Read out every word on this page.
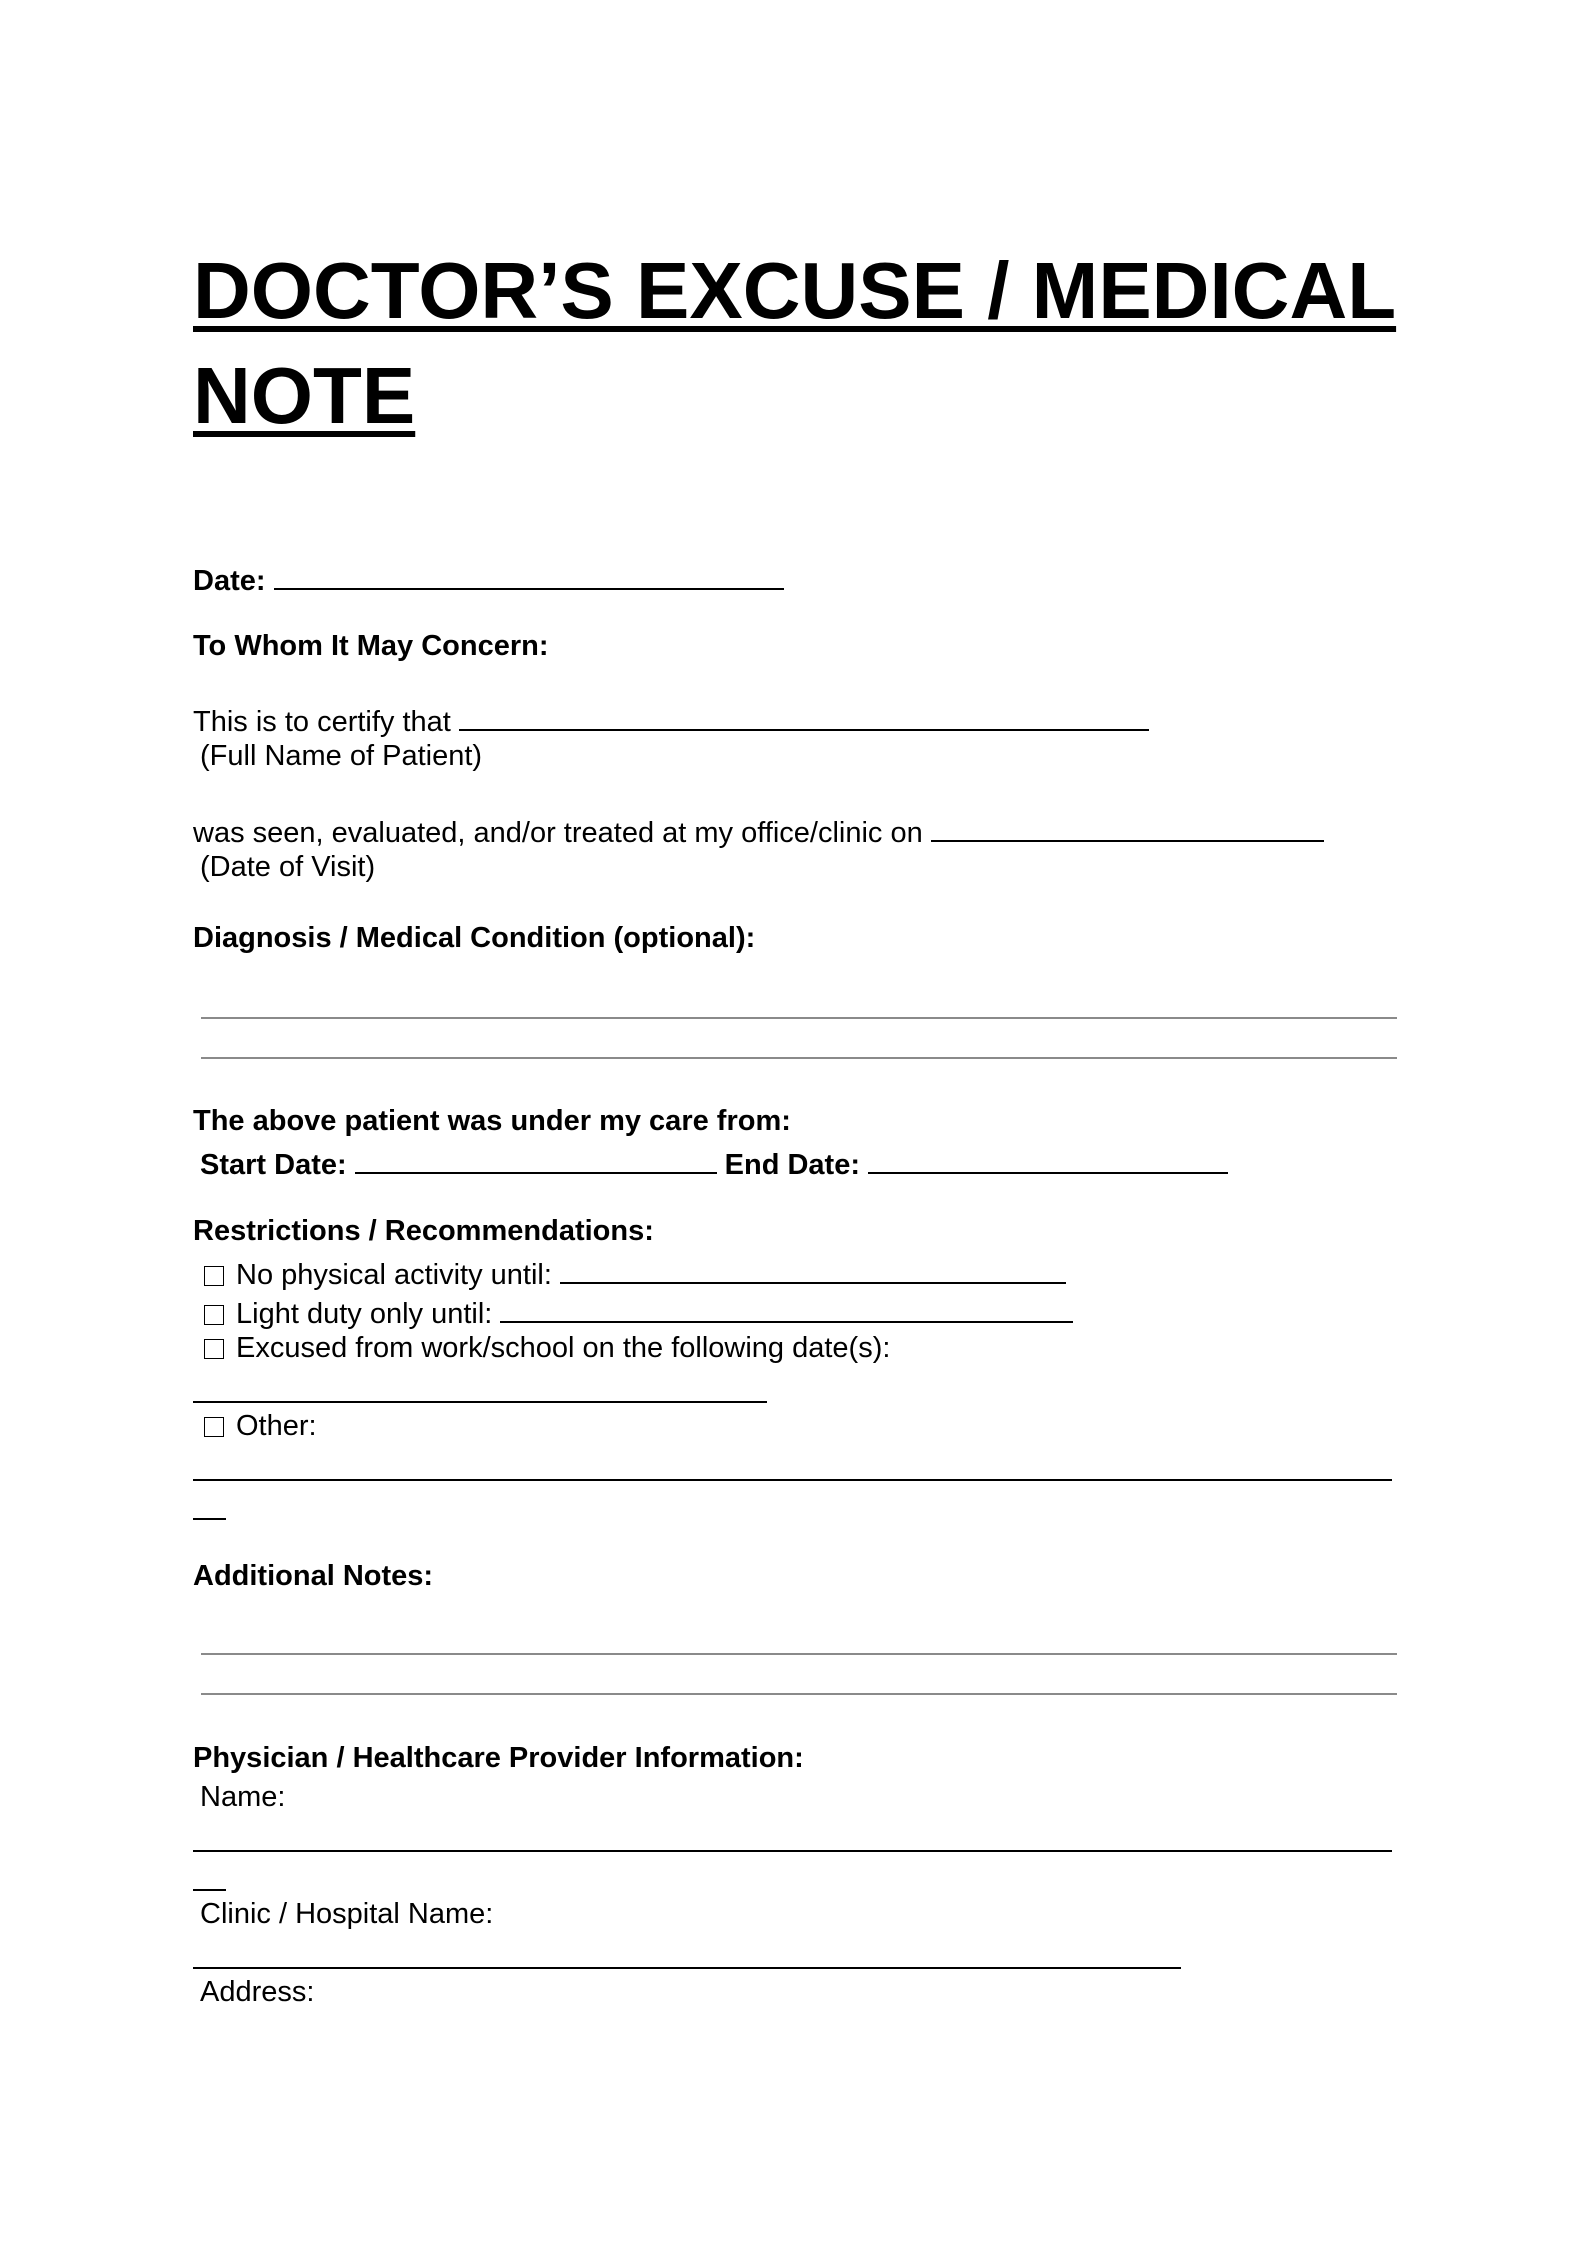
DOCTOR’S EXCUSE / MEDICAL
NOTE
Date:
To Whom It May Concern:
This is to certify that
(Full Name of Patient)
was seen, evaluated, and/or treated at my office/clinic on
(Date of Visit)
Diagnosis / Medical Condition (optional):
The above patient was under my care from:
Start Date:	End Date:
Restrictions / Recommendations:
No physical activity until:
Light duty only until:
Excused from work/school on the following date(s):
Other:
Additional Notes:
Physician / Healthcare Provider Information:
Name:
Clinic / Hospital Name:
Address:
